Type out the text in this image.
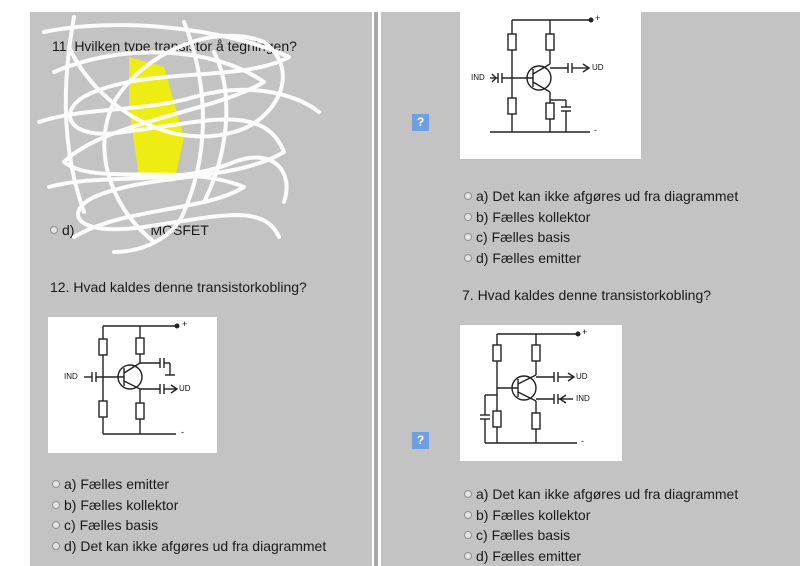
11. Hvilken type transistor å tegningen?
d)	MOSFET
12. Hvad kaldes denne transistorkobling?
IND
UD
+
-
a)
Fælles emitter
b)
Fælles kollektor
c)
Fælles basis
d)
Det kan ikke afgøres ud fra diagrammet
IND
UD
+
-
?
a)
Det kan ikke afgøres ud fra diagrammet
b)
Fælles kollektor
c)
Fælles basis
d)
Fælles emitter
7. Hvad kaldes denne transistorkobling?
UD
IND
+
-
?
a)
Det kan ikke afgøres ud fra diagrammet
b)
Fælles kollektor
c)
Fælles basis
d)
Fælles emitter
